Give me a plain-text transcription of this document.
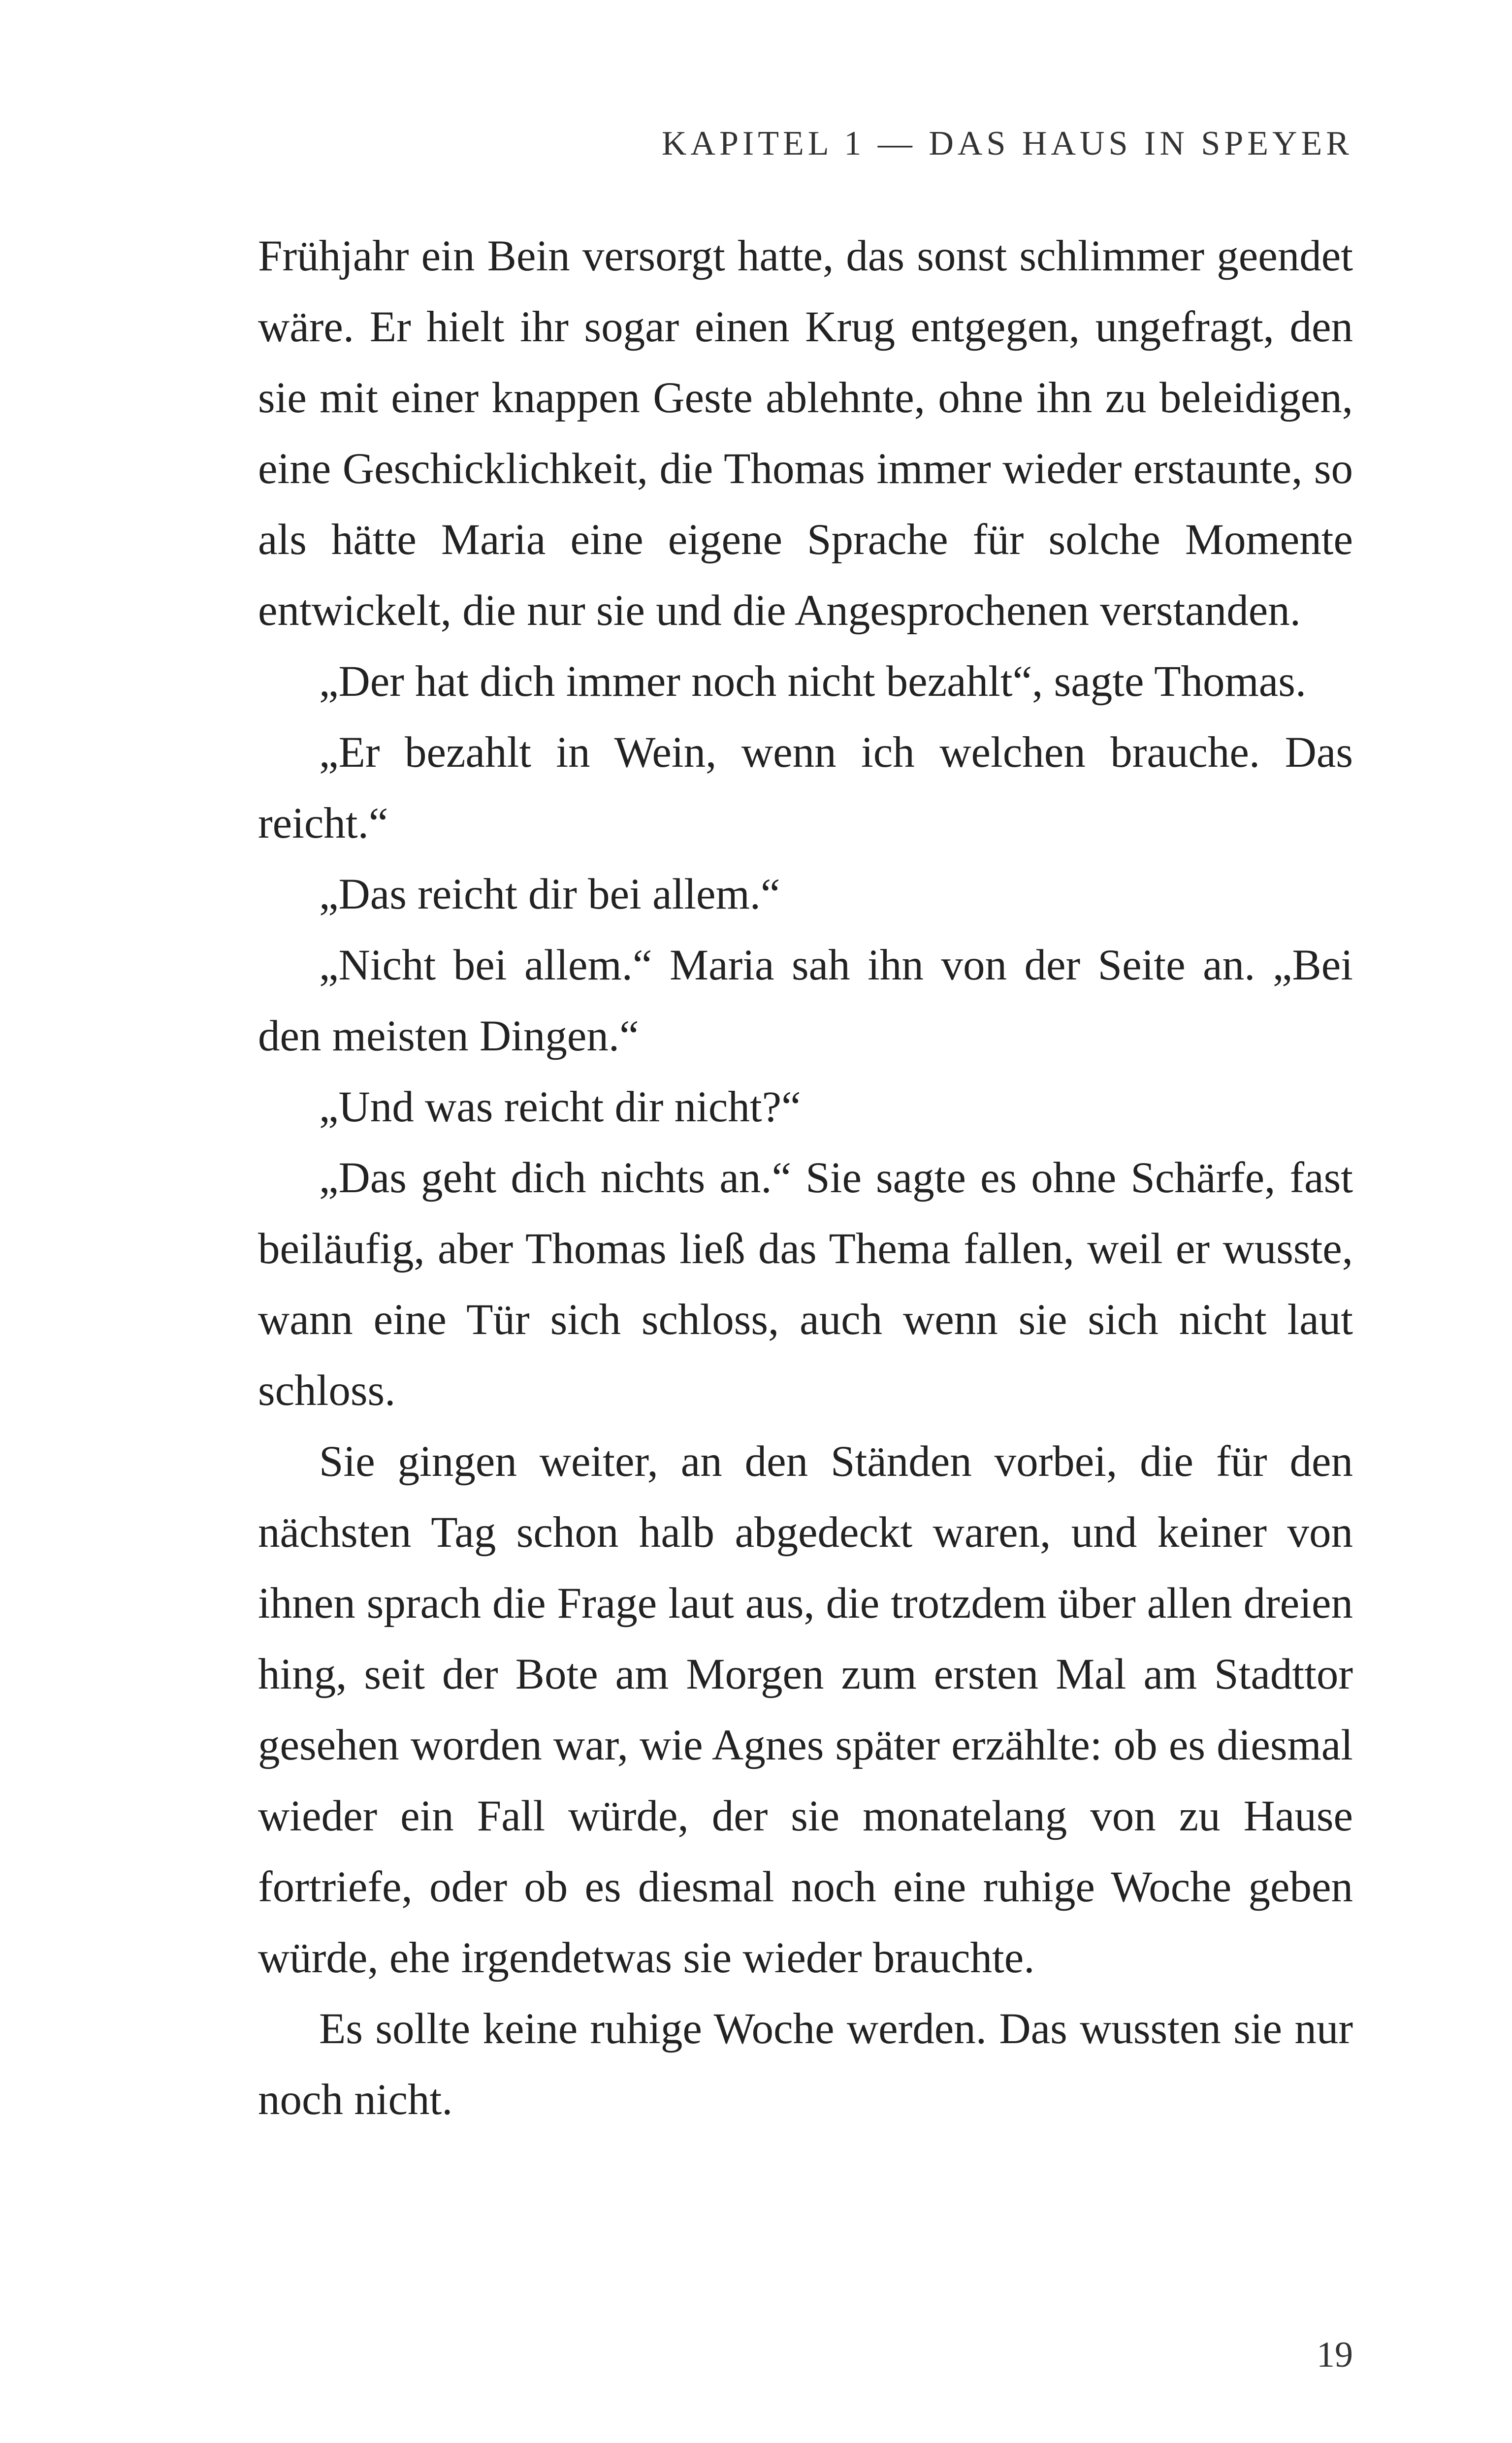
KAPITEL 1 — DAS HAUS IN SPEYER

Frühjahr ein Bein versorgt hatte, das sonst schlimmer geendet wäre. Er hielt ihr sogar einen Krug entgegen, ungefragt, den sie mit einer knappen Geste ablehnte, ohne ihn zu beleidigen, eine Geschicklichkeit, die Thomas immer wieder erstaunte, so als hätte Maria eine eigene Sprache für solche Momente entwickelt, die nur sie und die Angesprochenen verstanden.

„Der hat dich immer noch nicht bezahlt“, sagte Thomas.

„Er bezahlt in Wein, wenn ich welchen brauche. Das reicht.“

„Das reicht dir bei allem.“

„Nicht bei allem.“ Maria sah ihn von der Seite an. „Bei den meisten Dingen.“

„Und was reicht dir nicht?“

„Das geht dich nichts an.“ Sie sagte es ohne Schärfe, fast beiläufig, aber Thomas ließ das Thema fallen, weil er wusste, wann eine Tür sich schloss, auch wenn sie sich nicht laut schloss.

Sie gingen weiter, an den Ständen vorbei, die für den nächsten Tag schon halb abgedeckt waren, und keiner von ihnen sprach die Frage laut aus, die trotzdem über allen dreien hing, seit der Bote am Morgen zum ersten Mal am Stadttor gesehen worden war, wie Agnes später erzählte: ob es diesmal wieder ein Fall würde, der sie monatelang von zu Hause fortriefe, oder ob es diesmal noch eine ruhige Woche geben würde, ehe irgendetwas sie wieder brauchte.

Es sollte keine ruhige Woche werden. Das wussten sie nur noch nicht.

19
